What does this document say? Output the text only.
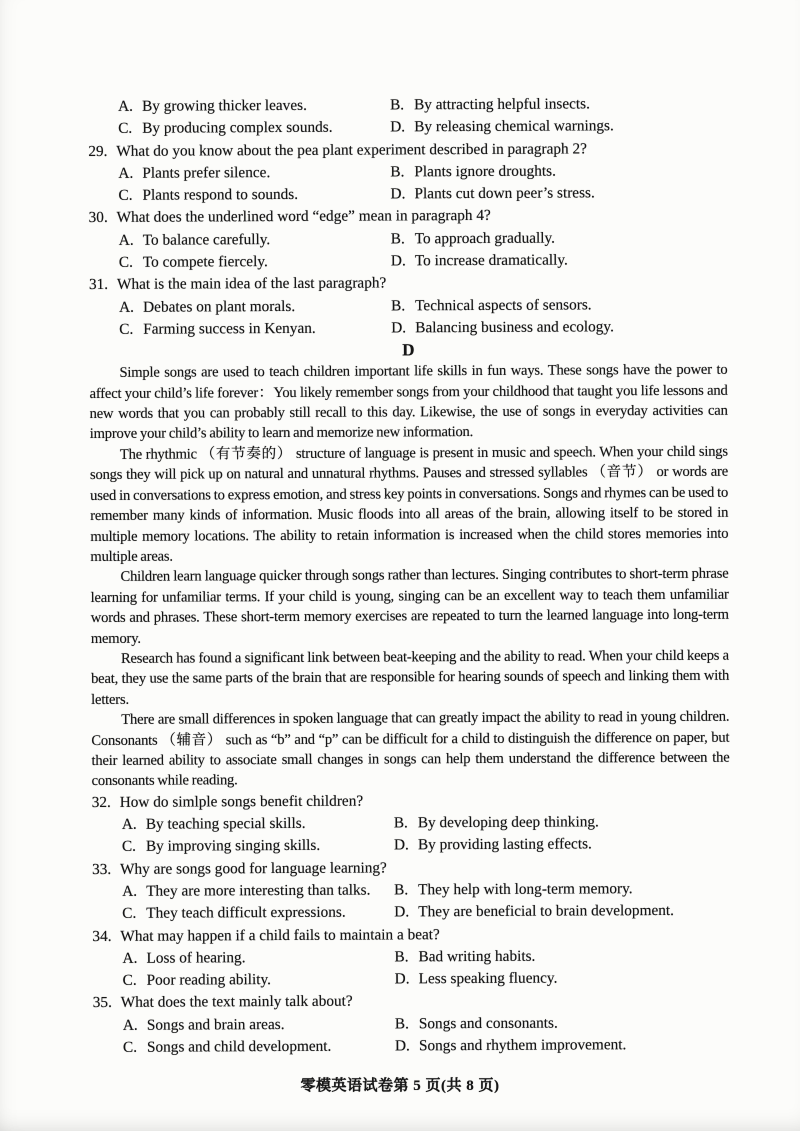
A. By growing thicker leaves.	B. By attracting helpful insects.
C. By producing complex sounds.	D. By releasing chemical warnings.
29. What do you know about the pea plant experiment described in paragraph 2?
A. Plants prefer silence.	B. Plants ignore droughts.
C. Plants respond to sounds.	D. Plants cut down peer’s stress.
30. What does the underlined word “edge” mean in paragraph 4?
A. To balance carefully.	B. To approach gradually.
C. To compete fiercely.	D. To increase dramatically.
31. What is the main idea of the last paragraph?
A. Debates on plant morals.	B. Technical aspects of sensors.
C. Farming success in Kenyan.	D. Balancing business and ecology.
D

Simple songs are used to teach children important life skills in fun ways. These songs have the power to affect your child’s life forever：You likely remember songs from your childhood that taught you life lessons and new words that you can probably still recall to this day. Likewise, the use of songs in everyday activities can improve your child’s ability to learn and memorize new information.

The rhythmic （有节奏的） structure of language is present in music and speech. When your child sings songs they will pick up on natural and unnatural rhythms. Pauses and stressed syllables （音节） or words are used in conversations to express emotion, and stress key points in conversations. Songs and rhymes can be used to remember many kinds of information. Music floods into all areas of the brain, allowing itself to be stored in multiple memory locations. The ability to retain information is increased when the child stores memories into multiple areas.

Children learn language quicker through songs rather than lectures. Singing contributes to short-term phrase learning for unfamiliar terms. If your child is young, singing can be an excellent way to teach them unfamiliar words and phrases. These short-term memory exercises are repeated to turn the learned language into long-term memory.

Research has found a significant link between beat-keeping and the ability to read. When your child keeps a beat, they use the same parts of the brain that are responsible for hearing sounds of speech and linking them with letters.

There are small differences in spoken language that can greatly impact the ability to read in young children. Consonants （辅音） such as “b” and “p” can be difficult for a child to distinguish the difference on paper, but their learned ability to associate small changes in songs can help them understand the difference between the consonants while reading.

32. How do simlple songs benefit children?
A. By teaching special skills.	B. By developing deep thinking.
C. By improving singing skills.	D. By providing lasting effects.
33. Why are songs good for language learning?
A. They are more interesting than talks.	B. They help with long-term memory.
C. They teach difficult expressions.	D. They are beneficial to brain development.
34. What may happen if a child fails to maintain a beat?
A. Loss of hearing.	B. Bad writing habits.
C. Poor reading ability.	D. Less speaking fluency.
35. What does the text mainly talk about?
A. Songs and brain areas.	B. Songs and consonants.
C. Songs and child development.	D. Songs and rhythem improvement.
零模英语试卷第 5 页(共 8 页)
